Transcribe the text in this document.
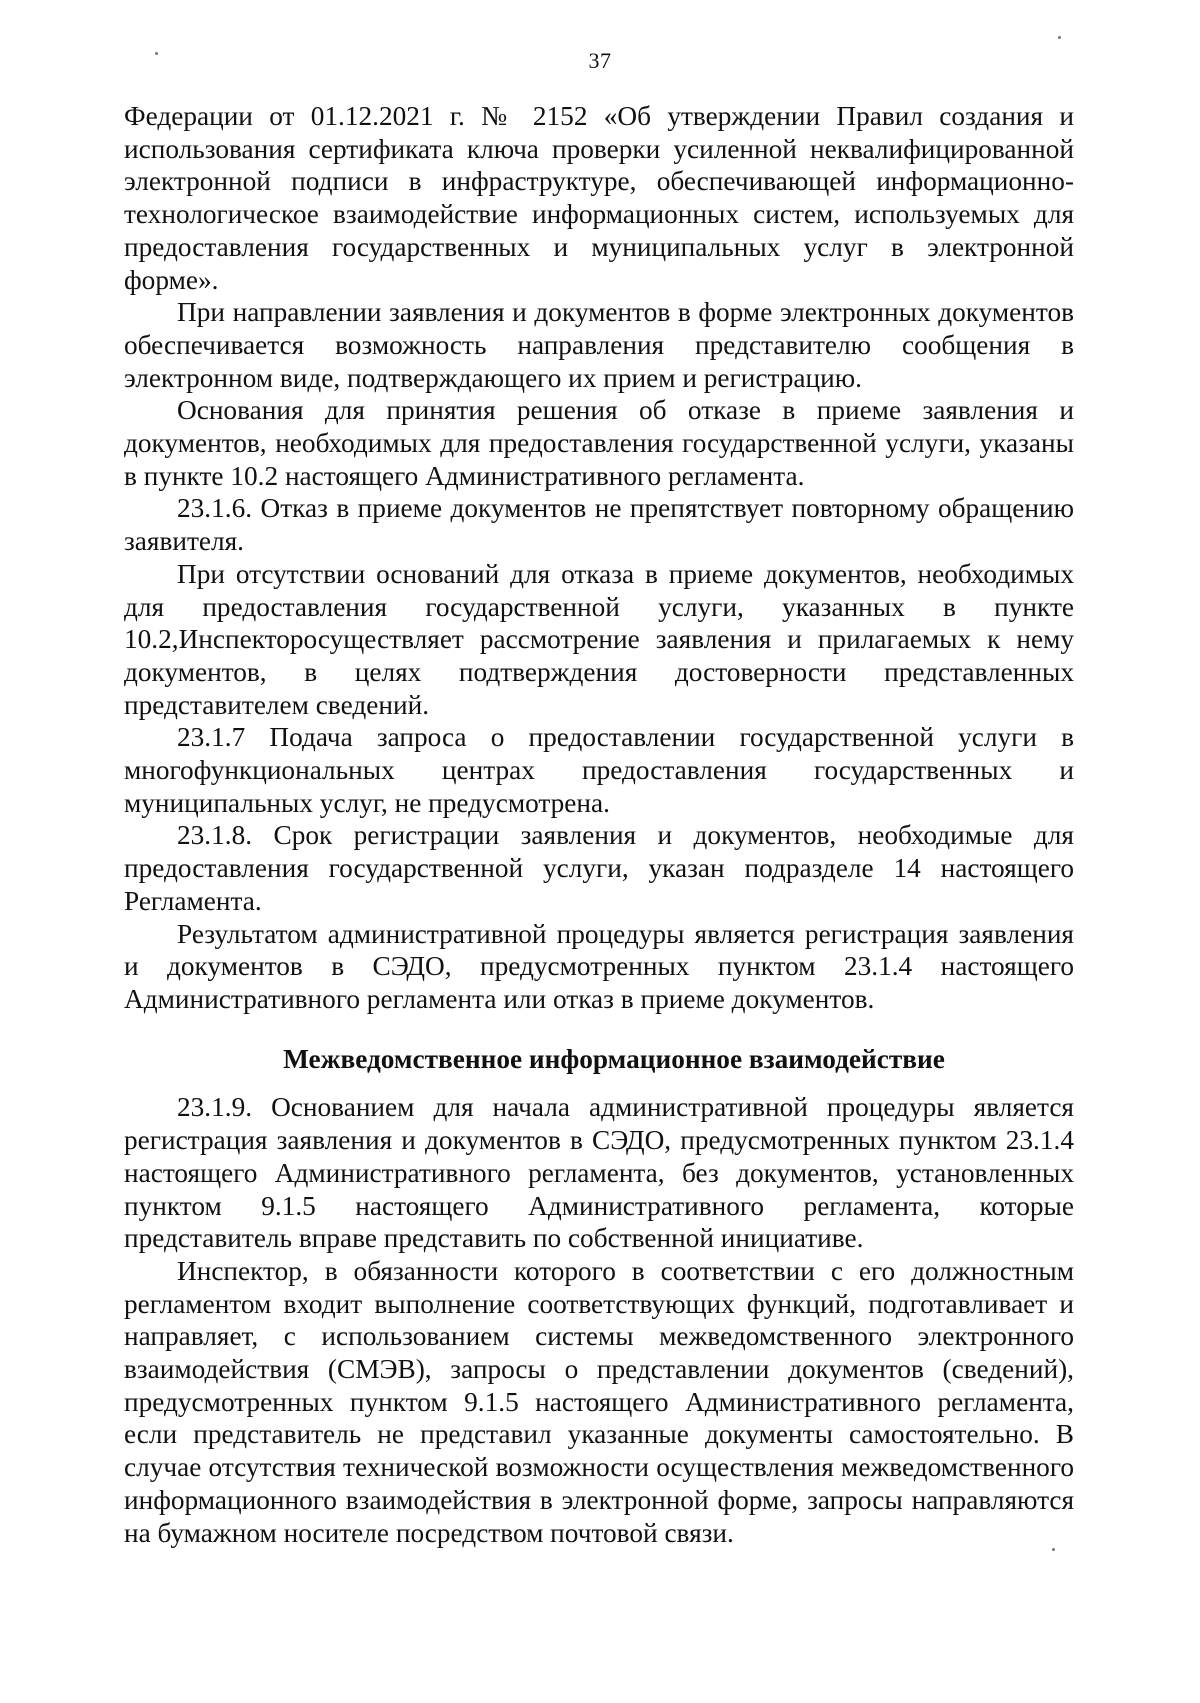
37

Федерации от 01.12.2021 г. № 2152 «Об утверждении Правил создания и использования сертификата ключа проверки усиленной неквалифицированной электронной подписи в инфраструктуре, обеспечивающей информационно-технологическое взаимодействие информационных систем, используемых для предоставления государственных и муниципальных услуг в электронной форме».

При направлении заявления и документов в форме электронных документов обеспечивается возможность направления представителю сообщения в электронном виде, подтверждающего их прием и регистрацию.

Основания для принятия решения об отказе в приеме заявления и документов, необходимых для предоставления государственной услуги, указаны в пункте 10.2 настоящего Административного регламента.

23.1.6. Отказ в приеме документов не препятствует повторному обращению заявителя.

При отсутствии оснований для отказа в приеме документов, необходимых для предоставления государственной услуги, указанных в пункте 10.2,Инспекторосуществляет рассмотрение заявления и прилагаемых к нему документов, в целях подтверждения достоверности представленных представителем сведений.

23.1.7 Подача запроса о предоставлении государственной услуги в многофункциональных центрах предоставления государственных и муниципальных услуг, не предусмотрена.

23.1.8. Срок регистрации заявления и документов, необходимые для предоставления государственной услуги, указан подразделе 14 настоящего Регламента.

Результатом административной процедуры является регистрация заявления и документов в СЭДО, предусмотренных пунктом 23.1.4 настоящего Административного регламента или отказ в приеме документов.

Межведомственное информационное взаимодействие

23.1.9. Основанием для начала административной процедуры является регистрация заявления и документов в СЭДО, предусмотренных пунктом 23.1.4 настоящего Административного регламента, без документов, установленных пунктом 9.1.5 настоящего Административного регламента, которые представитель вправе представить по собственной инициативе.

Инспектор, в обязанности которого в соответствии с его должностным регламентом входит выполнение соответствующих функций, подготавливает и направляет, с использованием системы межведомственного электронного взаимодействия (СМЭВ), запросы о представлении документов (сведений), предусмотренных пунктом 9.1.5 настоящего Административного регламента, если представитель не представил указанные документы самостоятельно. В случае отсутствия технической возможности осуществления межведомственного информационного взаимодействия в электронной форме, запросы направляются на бумажном носителе посредством почтовой связи.
